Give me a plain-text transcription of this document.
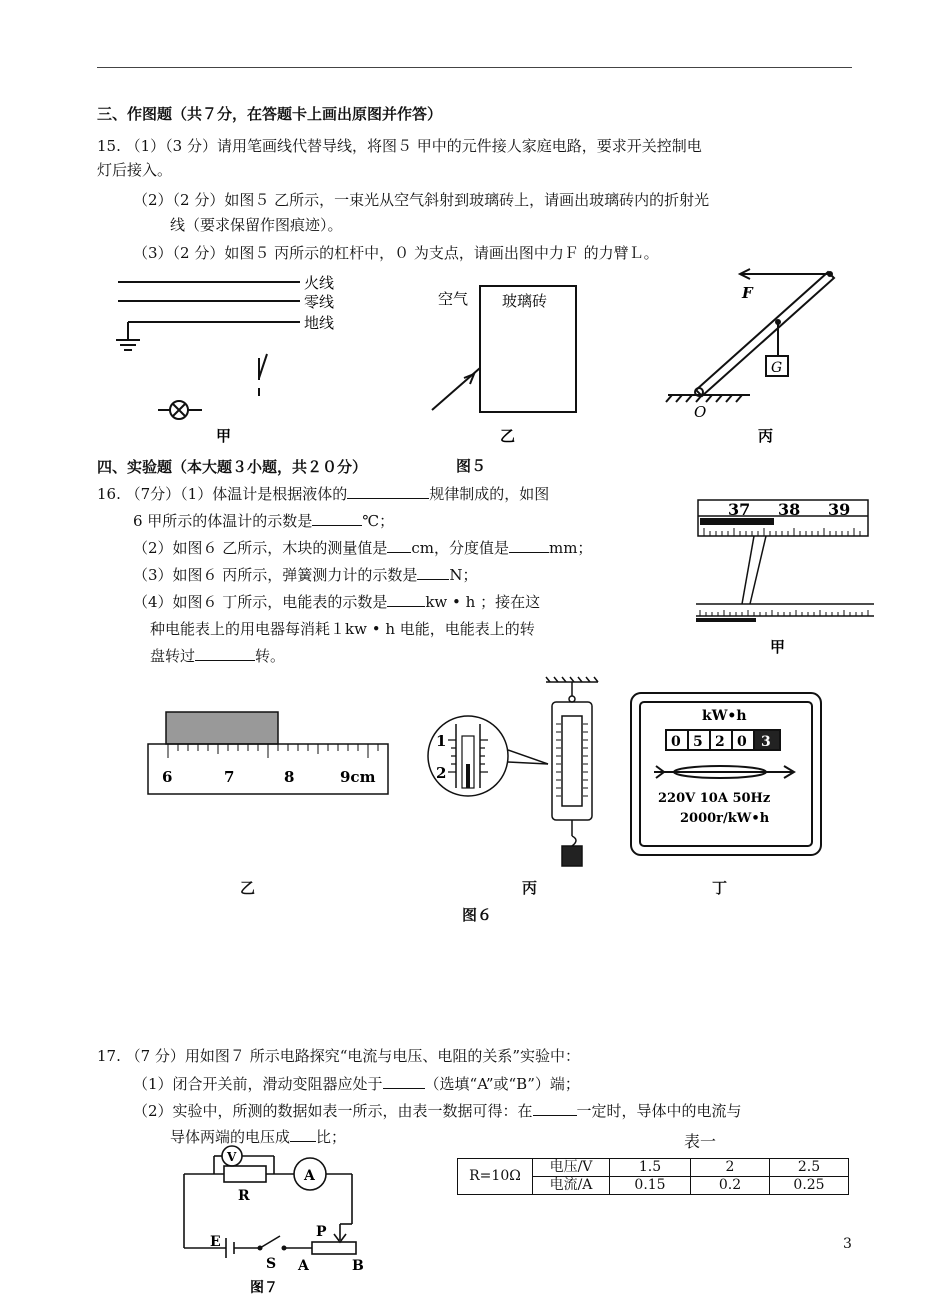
三、作图题（共７分，在答题卡上画出原图并作答）
15. （1）（3 分）请用笔画线代替导线，将图５ 甲中的元件接人家庭电路，要求开关控制电
灯后接入。
（2）（2 分）如图５ 乙所示，一束光从空气斜射到玻璃砖上，请画出玻璃砖内的折射光
线（要求保留作图痕迹）。
（3）（2 分）如图５ 丙所示的杠杆中，０ 为支点，请画出图中力Ｆ 的力臂Ｌ。
火线
零线
地线
甲
空气 玻璃砖
乙
F
G
O
丙
图５
四、实验题（本大题３小题，共２０分）
16. （7分）（1）体温计是根据液体的	规律制成的，如图
6 甲所示的体温计的示数是	℃；
（2）如图６ 乙所示，木块的测量值是 cm，分度值是	mm；
（3）如图６ 丙所示，弹簧测力计的示数是 N；
（4）如图６ 丁所示，电能表的示数是	kw • h ；接在这
种电能表上的用电器每消耗１kw • h 电能，电能表上的转
盘转过	转。
37 38 39
甲
6	7	8	9cm
乙
1
2
丙
kW•h
0 5 2 0 3
220V 10A 50Hz
2000r/kW•h
丁
图６
17. （7 分）用如图７ 所示电路探究“电流与电压、电阻的关系”实验中：
（1）闭合开关前，滑动变阻器应处于	（选填“A”或“B”）端；
（2）实验中，所测的数据如表一所示，由表一数据可得：在	一定时，导体中的电流与
导体两端的电压成 比；
V
A
R
E
S
P
A	B
图７
表一
R=10Ω	电压/V	1.5	2	2.5
	电流/A	0.15	0.2	0.25
3
